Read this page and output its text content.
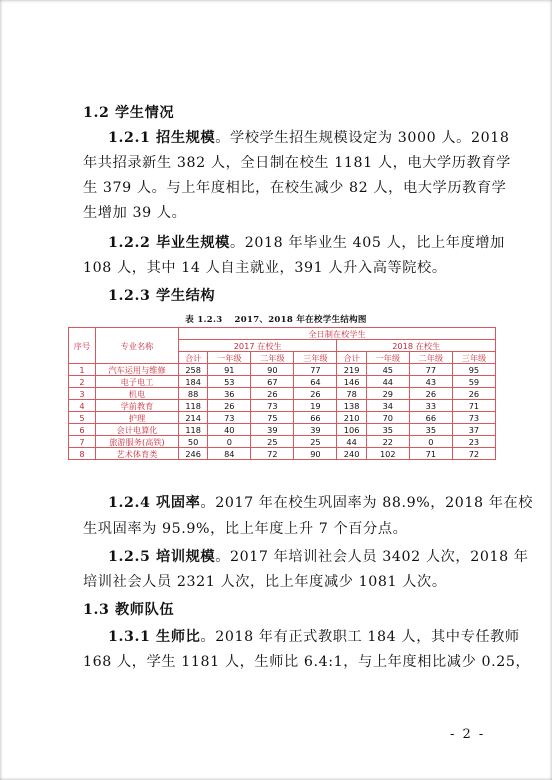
1.2 学生情况
1.2.1 招生规模。学校学生招生规模设定为 3000 人。2018
年共招录新生 382 人，全日制在校生 1181 人，电大学历教育学
生 379 人。与上年度相比，在校生减少 82 人，电大学历教育学
生增加 39 人。
1.2.2 毕业生规模。2018 年毕业生 405 人，比上年度增加
108 人，其中 14 人自主就业，391 人升入高等院校。
1.2.3 学生结构
表 1.2.3　 2017、2018 年在校学生结构图
序号	专业名称	全日制在校学生							
		2017 在校生				2018 在校生			
		合计	一年级	二年级	三年级	合计	一年级	二年级	三年级
1	汽车运用与维修	258	91	90	77	219	45	77	95
2	电子电工	184	53	67	64	146	44	43	59
3	机电	88	36	26	26	78	29	26	26
4	学前教育	118	26	73	19	138	34	33	71
5	护理	214	73	75	66	210	70	66	73
6	会计电算化	118	40	39	39	106	35	35	37
7	旅游服务(高铁)	50	0	25	25	44	22	0	23
8	艺术体育类	246	84	72	90	240	102	71	72
1.2.4 巩固率。2017 年在校生巩固率为 88.9%，2018 年在校
生巩固率为 95.9%，比上年度上升 7 个百分点。
1.2.5 培训规模。2017 年培训社会人员 3402 人次，2018 年
培训社会人员 2321 人次，比上年度减少 1081 人次。
1.3 教师队伍
1.3.1 生师比。2018 年有正式教职工 184 人，其中专任教师
168 人，学生 1181 人，生师比 6.4:1，与上年度相比减少 0.25，
- 2 -
